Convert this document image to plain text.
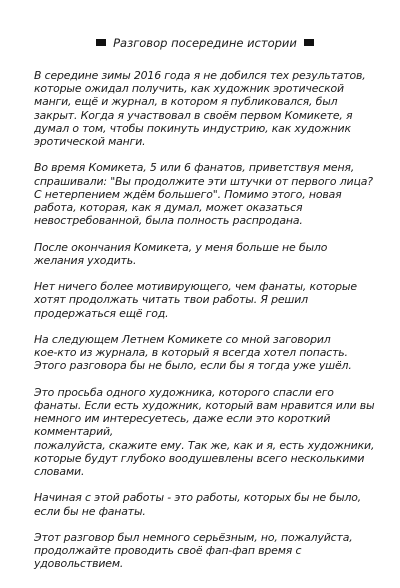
Разговор посередине истории

В середине зимы 2016 года я не добился тех результатов,
которые ожидал получить, как художник эротической
манги, ещё и журнал, в котором я публиковался, был
закрыт. Когда я участвовал в своём первом Комикете, я
думал о том, чтобы покинуть индустрию, как художник
эротической манги.

Во время Комикета, 5 или 6 фанатов, приветствуя меня,
спрашивали: "Вы продолжите эти штучки от первого лица?
С нетерпением ждём большего". Помимо этого, новая
работа, которая, как я думал, может оказаться
невостребованной, была полность распродана.

После окончания Комикета, у меня больше не было
желания уходить.

Нет ничего более мотивирующего, чем фанаты, которые
хотят продолжать читать твои работы. Я решил
продержаться ещё год.

На следующем Летнем Комикете со мной заговорил
кое-кто из журнала, в который я всегда хотел попасть.
Этого разговора бы не было, если бы я тогда уже ушёл.

Это просьба одного художника, которого спасли его
фанаты. Если есть художник, который вам нравится или вы
немного им интересуетесь, даже если это короткий
комментарий,
пожалуйста, скажите ему. Так же, как и я, есть художники,
которые будут глубоко воодушевлены всего несколькими
словами.

Начиная с этой работы - это работы, которых бы не было,
если бы не фанаты.

Этот разговор был немного серьёзным, но, пожалуйста,
продолжайте проводить своё фап-фап время с
удовольствием.
